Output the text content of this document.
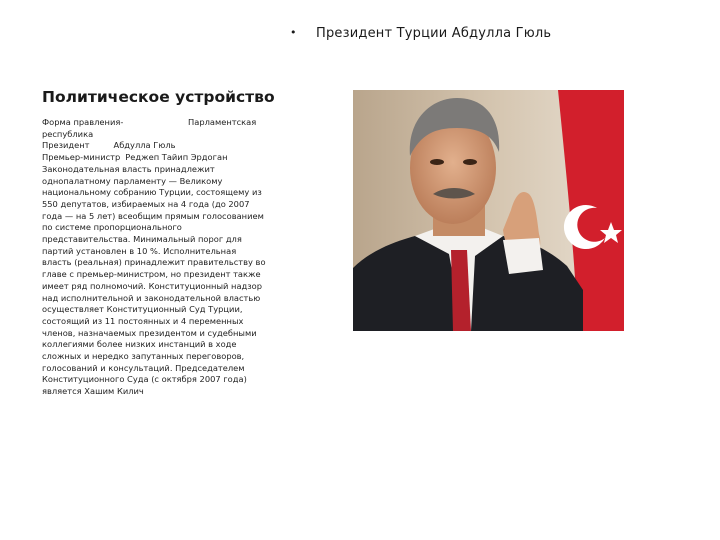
• Президент Турции Абдулла Гюль
Политическое устройство
Форма правления-	Парламентская
республика
Президент	Абдулла Гюль
Премьер-министр Реджеп Тайип Эрдоган

Законодательная власть принадлежит однопалатному парламенту — Великому национальному собранию Турции, состоящему из 550 депутатов, избираемых на 4 года (до 2007 года — на 5 лет) всеобщим прямым голосованием по системе пропорционального представительства. Минимальный порог для партий установлен в 10 %. Исполнительная власть (реальная) принадлежит правительству во главе с премьер-министром, но президент также имеет ряд полномочий. Конституционный надзор над исполнительной и законодательной властью осуществляет Конституционный Суд Турции, состоящий из 11 постоянных и 4 переменных членов, назначаемых президентом и судебными коллегиями более низких инстанций в ходе сложных и нередко запутанных переговоров, голосований и консультаций. Председателем Конституционного Суда (с октября 2007 года) является Хашим Килич
